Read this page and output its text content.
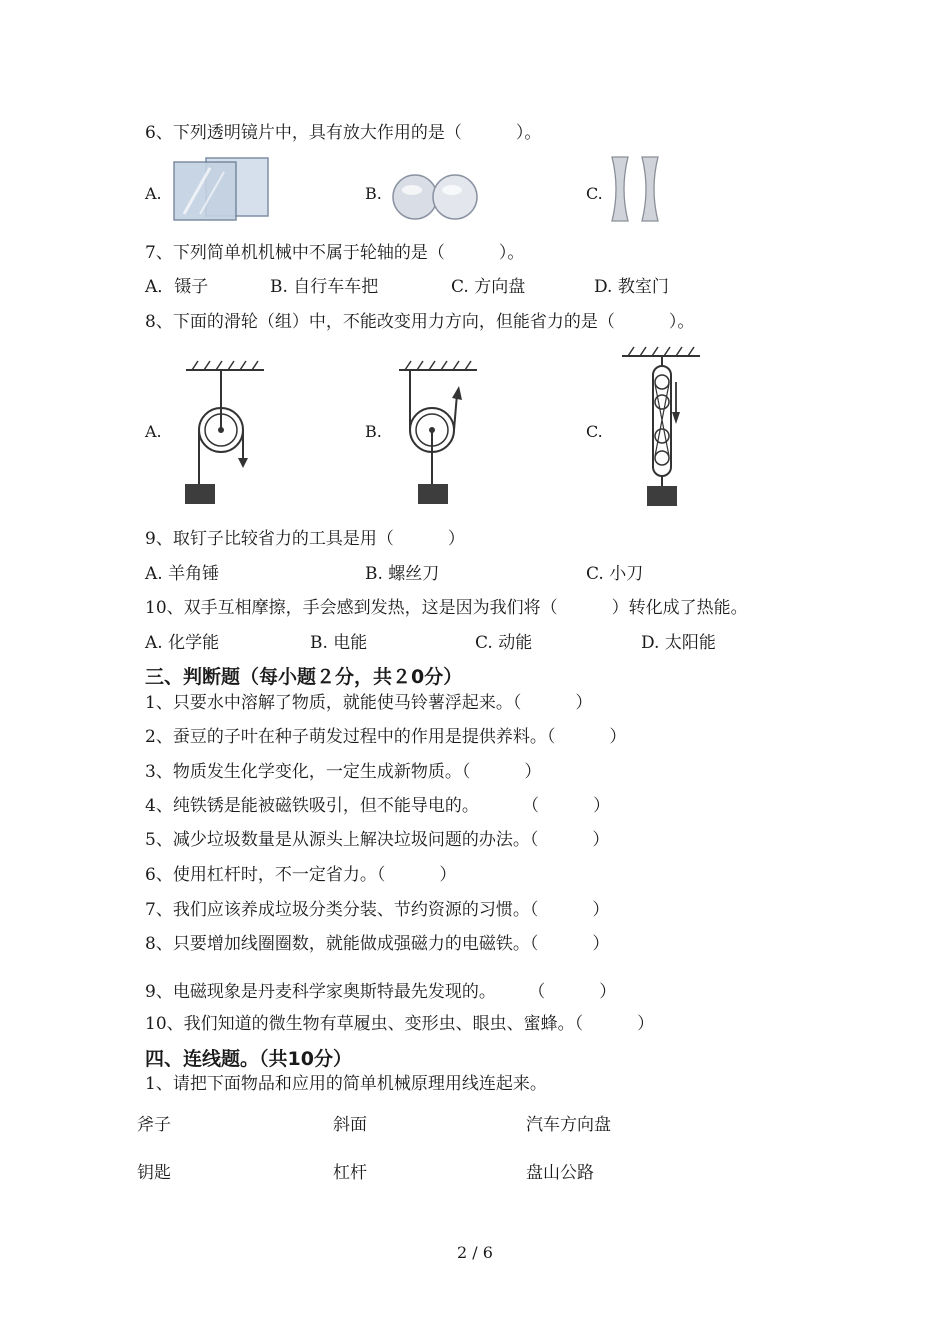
6、下列透明镜片中，具有放大作用的是（          ）。
A.	B.	C.
7、下列简单机机械中不属于轮轴的是（          ）。
A．镊子	B. 自行车车把	C. 方向盘	D. 教室门
8、下面的滑轮（组）中，不能改变用力方向，但能省力的是（          ）。
A.	B.	C.
9、取钉子比较省力的工具是用（          ）
A. 羊角锤	B. 螺丝刀	C. 小刀
10、双手互相摩擦，手会感到发热，这是因为我们将（          ）转化成了热能。
A. 化学能	B. 电能	C. 动能	D. 太阳能
三、判断题（每小题２分，共２0分）
1、只要水中溶解了物质，就能使马铃薯浮起来。（          ）
2、蚕豆的子叶在种子萌发过程中的作用是提供养料。（          ）
3、物质发生化学变化，一定生成新物质。（          ）
4、纯铁锈是能被磁铁吸引，但不能导电的。        （          ）
5、减少垃圾数量是从源头上解决垃圾问题的办法。（          ）
6、使用杠杆时，不一定省力。（          ）
7、我们应该养成垃圾分类分装、节约资源的习惯。（          ）
8、只要增加线圈圈数，就能做成强磁力的电磁铁。（          ）
9、电磁现象是丹麦科学家奥斯特最先发现的。      （          ）
10、我们知道的微生物有草履虫、变形虫、眼虫、蜜蜂。（          ）
四、连线题。（共10分）
1、请把下面物品和应用的简单机械原理用线连起来。
斧子	斜面	汽车方向盘
钥匙	杠杆	盘山公路
2 / 6
